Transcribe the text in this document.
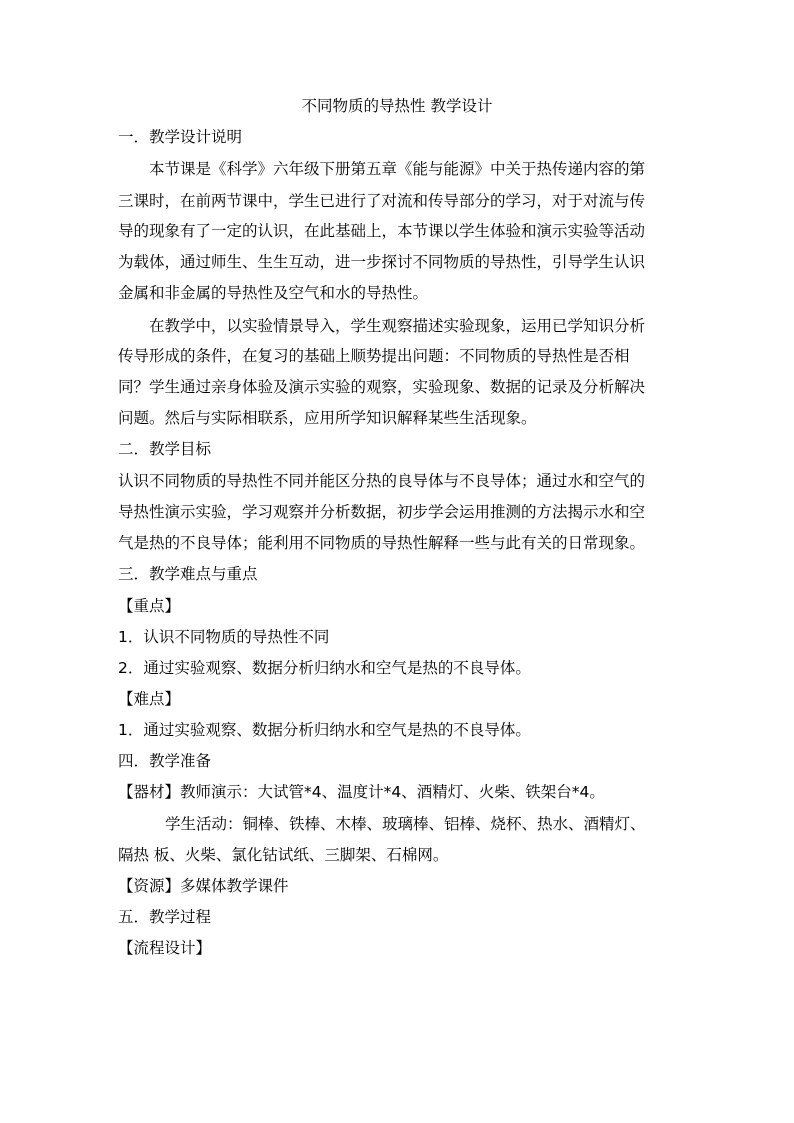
不同物质的导热性 教学设计
一．教学设计说明
本节课是《科学》六年级下册第五章《能与能源》中关于热传递内容的第
三课时，在前两节课中，学生已进行了对流和传导部分的学习，对于对流与传
导的现象有了一定的认识，在此基础上，本节课以学生体验和演示实验等活动
为载体，通过师生、生生互动，进一步探讨不同物质的导热性，引导学生认识
金属和非金属的导热性及空气和水的导热性。
在教学中，以实验情景导入，学生观察描述实验现象，运用已学知识分析
传导形成的条件，在复习的基础上顺势提出问题：不同物质的导热性是否相
同？学生通过亲身体验及演示实验的观察，实验现象、数据的记录及分析解决
问题。然后与实际相联系，应用所学知识解释某些生活现象。
二．教学目标
认识不同物质的导热性不同并能区分热的良导体与不良导体；通过水和空气的
导热性演示实验，学习观察并分析数据，初步学会运用推测的方法揭示水和空
气是热的不良导体；能利用不同物质的导热性解释一些与此有关的日常现象。
三．教学难点与重点
【重点】
1．认识不同物质的导热性不同
2．通过实验观察、数据分析归纳水和空气是热的不良导体。
【难点】
1．通过实验观察、数据分析归纳水和空气是热的不良导体。
四．教学准备
【器材】教师演示：大试管*4、温度计*4、酒精灯、火柴、铁架台*4。
学生活动：铜棒、铁棒、木棒、玻璃棒、铝棒、烧杯、热水、酒精灯、
隔热 板、火柴、氯化钴试纸、三脚架、石棉网。
【资源】多媒体教学课件
五．教学过程
【流程设计】
